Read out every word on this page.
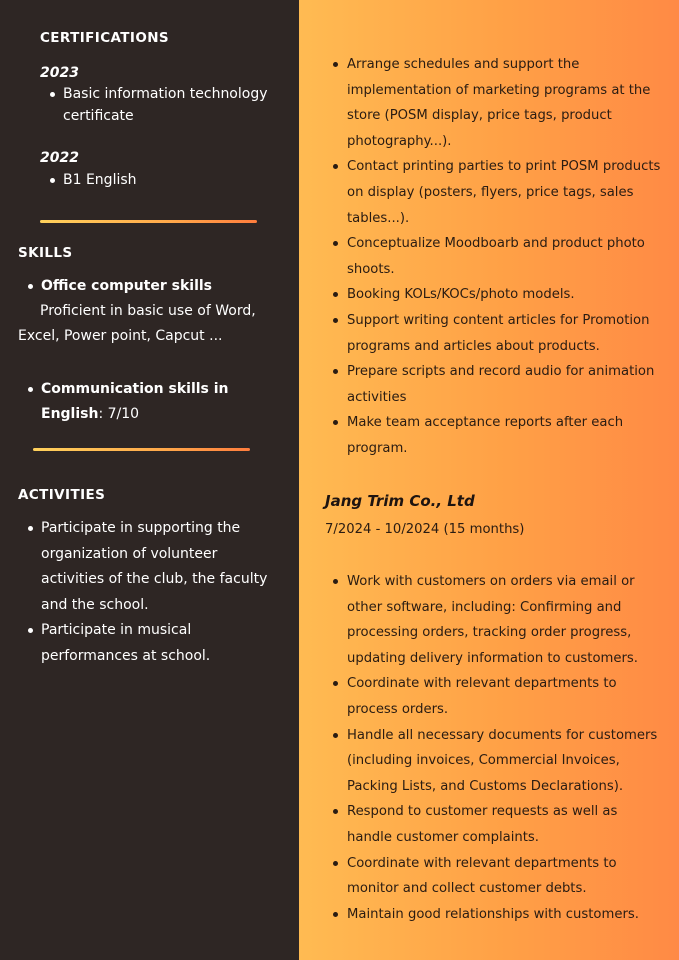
CERTIFICATIONS

2023

Basic information technology certificate

2022

B1 English
SKILLS
Office computer skills
Proficient in basic use of Word, Excel, Power point, Capcut ...
Communication skills in English: 7/10
ACTIVITIES
Participate in supporting the organization of volunteer activities of the club, the faculty and the school.
Participate in musical performances at school.
Arrange schedules and support the implementation of marketing programs at the store (POSM display, price tags, product photography...).
Contact printing parties to print POSM products on display (posters, flyers, price tags, sales tables...).
Conceptualize Moodboarb and product photo shoots.
Booking KOLs/KOCs/photo models.
Support writing content articles for Promotion programs and articles about products.
Prepare scripts and record audio for animation activities
Make team acceptance reports after each program.

Jang Trim Co., Ltd

7/2024 - 10/2024 (15 months)

Work with customers on orders via email or other software, including: Confirming and processing orders, tracking order progress, updating delivery information to customers.
Coordinate with relevant departments to process orders.
Handle all necessary documents for customers (including invoices, Commercial Invoices, Packing Lists, and Customs Declarations).
Respond to customer requests as well as handle customer complaints.
Coordinate with relevant departments to monitor and collect customer debts.
Maintain good relationships with customers.
